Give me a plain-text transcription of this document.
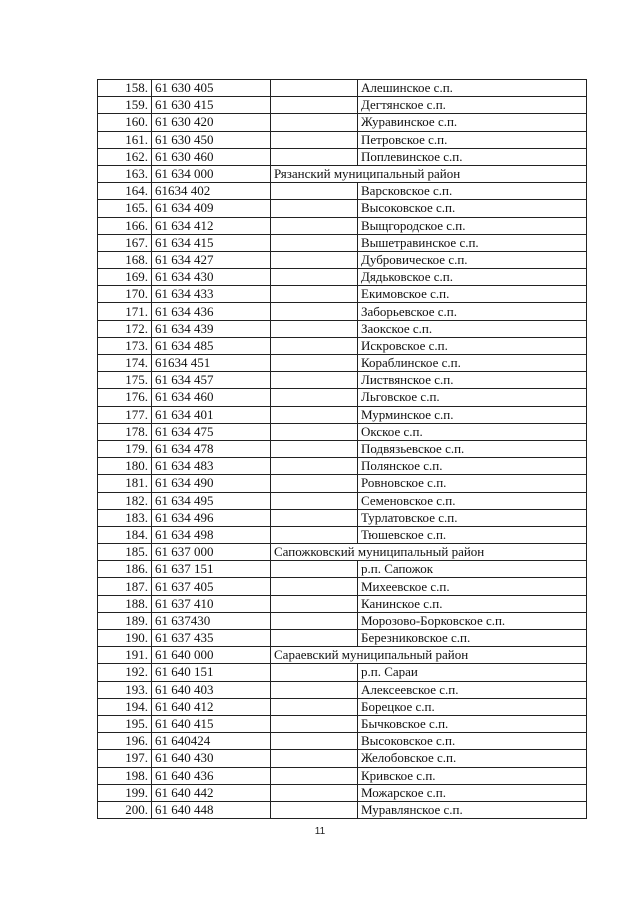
158.	61 630 405		Алешинское с.п.
159.	61 630 415		Дегтянское с.п.
160.	61 630 420		Журавинское с.п.
161.	61 630 450		Петровское с.п.
162.	61 630 460		Поплевинское с.п.
163.	61 634 000	Рязанский муниципальный район	
164.	61634 402		Варсковское с.п.
165.	61 634 409		Высоковское с.п.
166.	61 634 412		Выщгородское с.п.
167.	61 634 415		Вышетравинское с.п.
168.	61 634 427		Дубровичеcкое с.п.
169.	61 634 430		Дядьковское с.п.
170.	61 634 433		Екимовское с.п.
171.	61 634 436		Заборьевское с.п.
172.	61 634 439		Заокское с.п.
173.	61 634 485		Искровское с.п.
174.	61634 451		Кораблинское с.п.
175.	61 634 457		Листвянское с.п.
176.	61 634 460		Льговское с.п.
177.	61 634 401		Мурминское с.п.
178.	61 634 475		Окское с.п.
179.	61 634 478		Подвязьевское с.п.
180.	61 634 483		Полянское с.п.
181.	61 634 490		Ровновское с.п.
182.	61 634 495		Семеновское с.п.
183.	61 634 496		Турлатовское с.п.
184.	61 634 498		Тюшевское с.п.
185.	61 637 000	Сапожковский муниципальный район	
186.	61 637 151		р.п. Сапожок
187.	61 637 405		Михеевское с.п.
188.	61 637 410		Канинское с.п.
189.	61 637430		Морозово-Борковское с.п.
190.	61 637 435		Березниковское с.п.
191.	61 640 000	Сараевский муниципальный район	
192.	61 640 151		р.п. Сараи
193.	61 640 403		Алексеевское с.п.
194.	61 640 412		Борецкое с.п.
195.	61 640 415		Бычковское с.п.
196.	61 640424		Высоковское с.п.
197.	61 640 430		Желобовское с.п.
198.	61 640 436		Кривское с.п.
199.	61 640 442		Можарское с.п.
200.	61 640 448		Муравлянское с.п.
11
